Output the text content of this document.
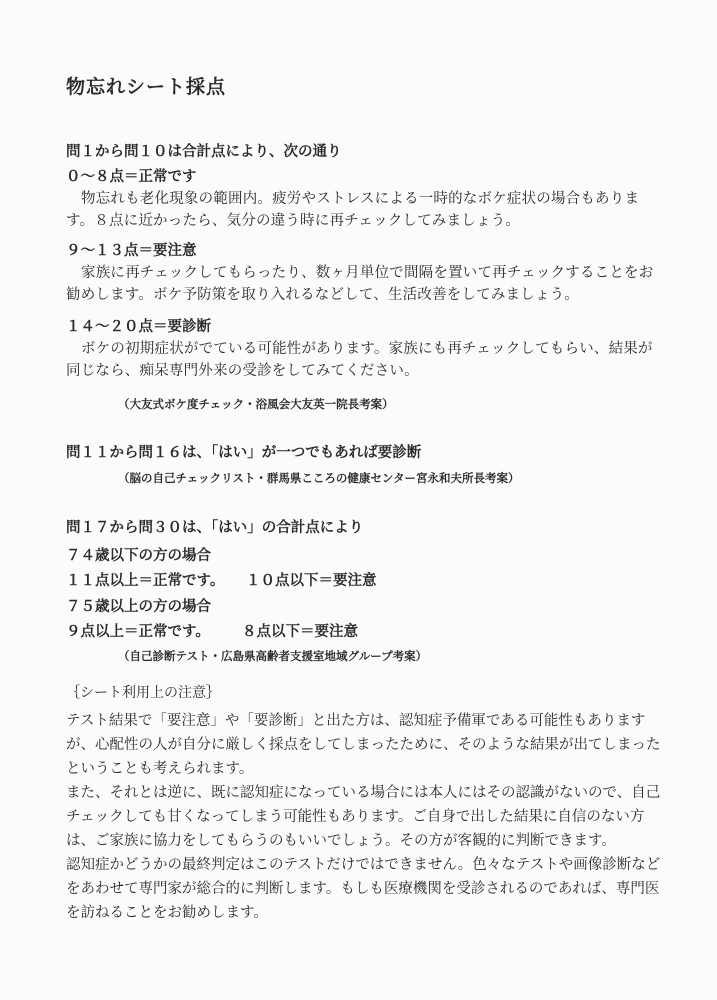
物忘れシート採点
問１から問１０は合計点により、次の通り
０～８点＝正常です

物忘れも老化現象の範囲内。疲労やストレスによる一時的なボケ症状の場合もあります。８点に近かったら、気分の違う時に再チェックしてみましょう。

９～１３点＝要注意

家族に再チェックしてもらったり、数ヶ月単位で間隔を置いて再チェックすることをお勧めします。ボケ予防策を取り入れるなどして、生活改善をしてみましょう。

１４～２０点＝要診断

ボケの初期症状がでている可能性があります。家族にも再チェックしてもらい、結果が同じなら、痴呆専門外来の受診をしてみてください。

（大友式ボケ度チェック・浴風会大友英一院長考案）
問１１から問１６は、「はい」が一つでもあれば要診断
（脳の自己チェックリスト・群馬県こころの健康センター宮永和夫所長考案）
問１７から問３０は、「はい」の合計点により
７４歳以下の方の場合
１１点以上＝正常です。 １０点以下＝要注意
７５歳以上の方の場合
９点以上＝正常です。 ８点以下＝要注意
（自己診断テスト・広島県高齢者支援室地域グループ考案）
｛シート利用上の注意｝

テスト結果で「要注意」や「要診断」と出た方は、認知症予備軍である可能性もありますが、心配性の人が自分に厳しく採点をしてしまったために、そのような結果が出てしまったということも考えられます。

また、それとは逆に、既に認知症になっている場合には本人にはその認識がないので、自己チェックしても甘くなってしまう可能性もあります。ご自身で出した結果に自信のない方は、ご家族に協力をしてもらうのもいいでしょう。その方が客観的に判断できます。

認知症かどうかの最終判定はこのテストだけではできません。色々なテストや画像診断などをあわせて専門家が総合的に判断します。もしも医療機関を受診されるのであれば、専門医を訪ねることをお勧めします。
